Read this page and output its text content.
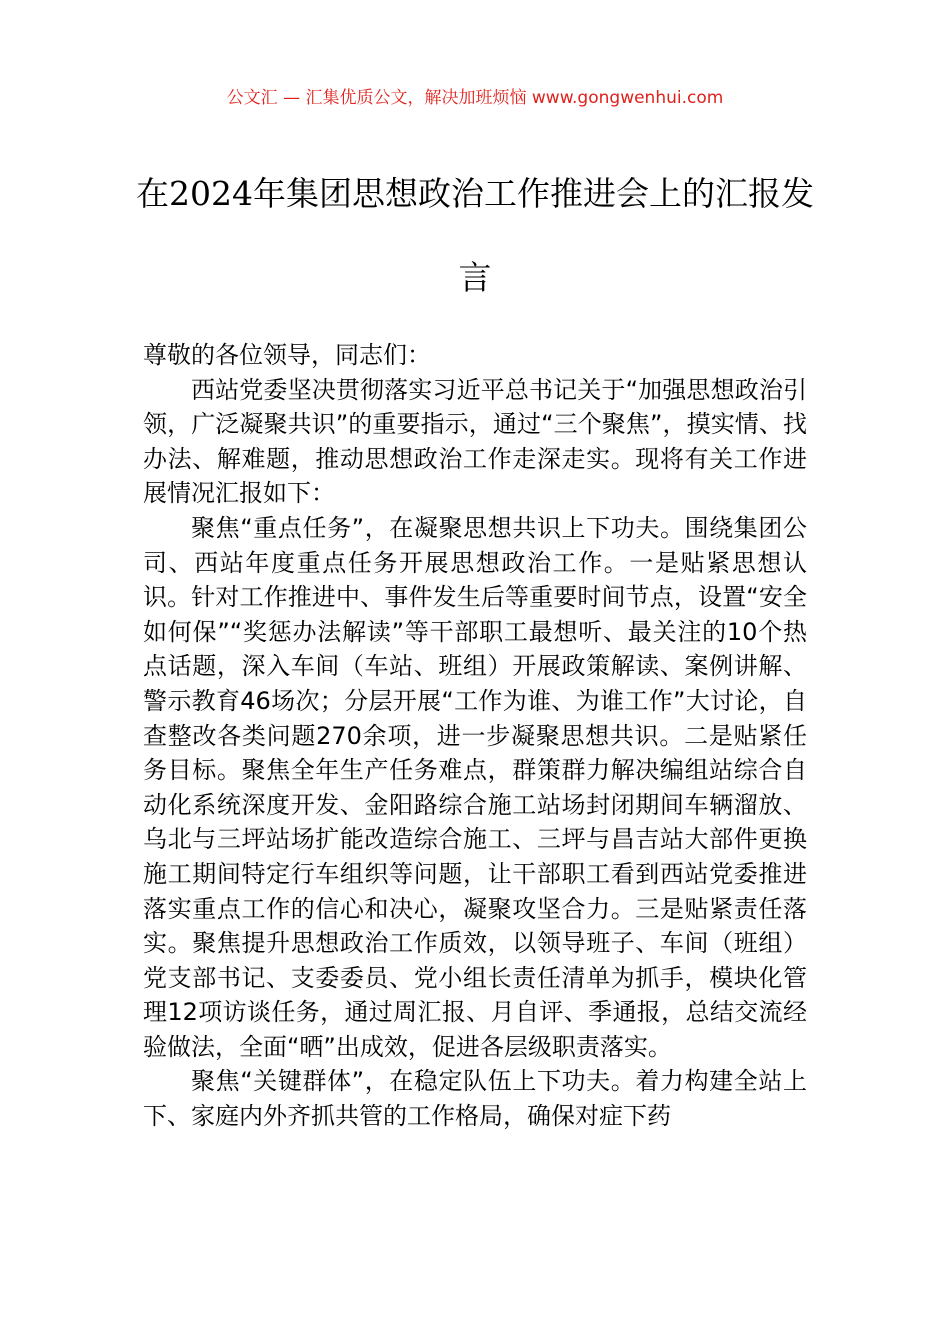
公文汇 — 汇集优质公文，解决加班烦恼 www.gongwenhui.com
在2024年集团思想政治工作推进会上的汇报发言

尊敬的各位领导，同志们：

西站党委坚决贯彻落实习近平总书记关于“加强思想政治引领，广泛凝聚共识”的重要指示，通过“三个聚焦”，摸实情、找办法、解难题，推动思想政治工作走深走实。现将有关工作进展情况汇报如下：

聚焦“重点任务”，在凝聚思想共识上下功夫。围绕集团公司、西站年度重点任务开展思想政治工作。一是贴紧思想认识。针对工作推进中、事件发生后等重要时间节点，设置“安全如何保”“奖惩办法解读”等干部职工最想听、最关注的10个热点话题，深入车间（车站、班组）开展政策解读、案例讲解、警示教育46场次；分层开展“工作为谁、为谁工作”大讨论，自查整改各类问题270余项，进一步凝聚思想共识。二是贴紧任务目标。聚焦全年生产任务难点，群策群力解决编组站综合自动化系统深度开发、金阳路综合施工站场封闭期间车辆溜放、乌北与三坪站场扩能改造综合施工、三坪与昌吉站大部件更换施工期间特定行车组织等问题，让干部职工看到西站党委推进落实重点工作的信心和决心，凝聚攻坚合力。三是贴紧责任落实。聚焦提升思想政治工作质效，以领导班子、车间（班组）党支部书记、支委委员、党小组长责任清单为抓手，模块化管理12项访谈任务，通过周汇报、月自评、季通报，总结交流经验做法，全面“晒”出成效，促进各层级职责落实。

聚焦“关键群体”，在稳定队伍上下功夫。着力构建全站上下、家庭内外齐抓共管的工作格局，确保对症下药
